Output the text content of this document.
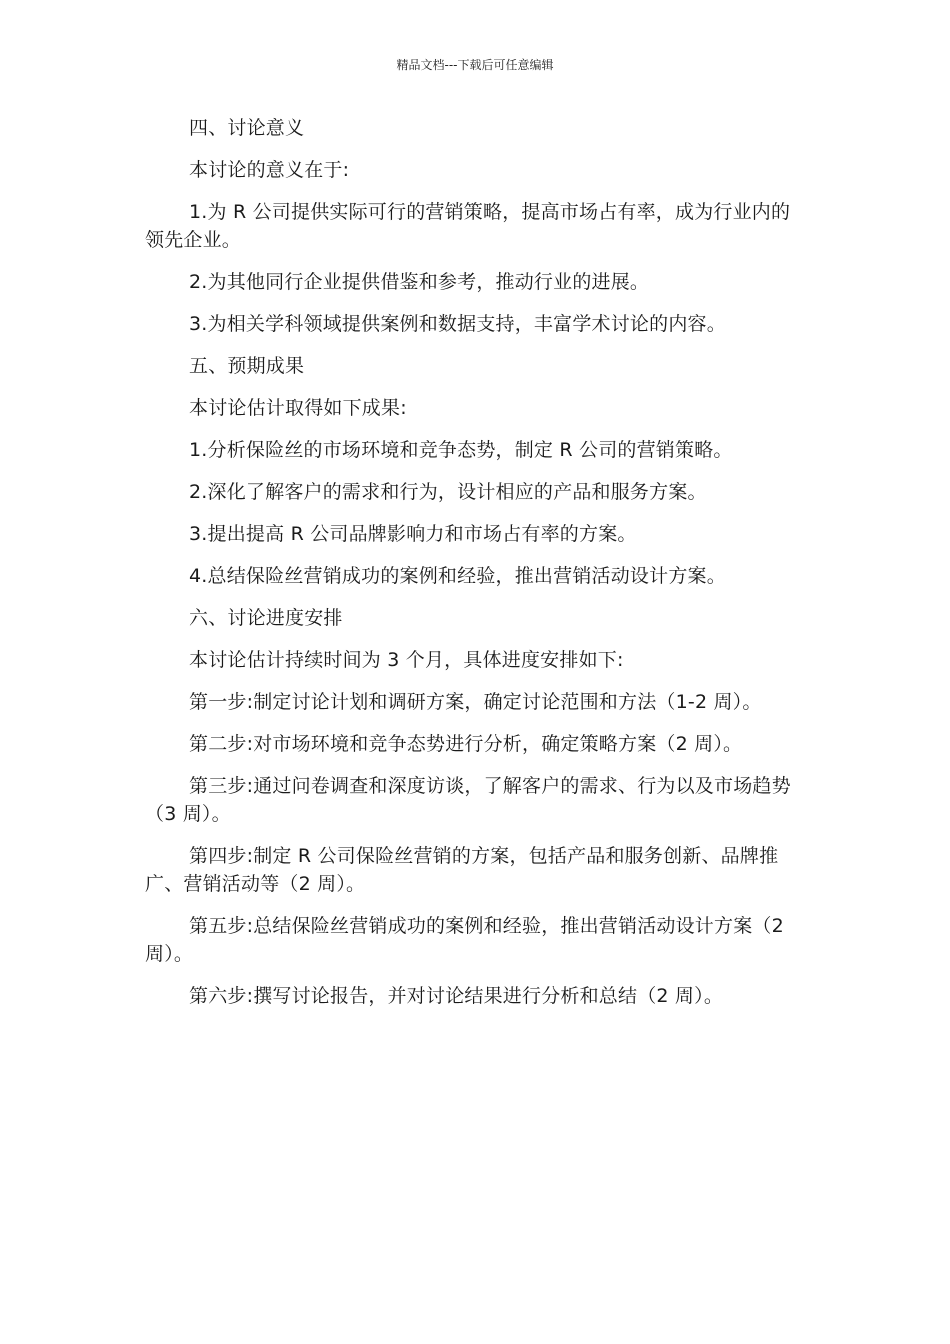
精品文档---下载后可任意编辑

四、讨论意义

本讨论的意义在于:

1.为 R 公司提供实际可行的营销策略，提高市场占有率，成为行业内的领先企业。

2.为其他同行企业提供借鉴和参考，推动行业的进展。

3.为相关学科领域提供案例和数据支持，丰富学术讨论的内容。

五、预期成果

本讨论估计取得如下成果:

1.分析保险丝的市场环境和竞争态势，制定 R 公司的营销策略。

2.深化了解客户的需求和行为，设计相应的产品和服务方案。

3.提出提高 R 公司品牌影响力和市场占有率的方案。

4.总结保险丝营销成功的案例和经验，推出营销活动设计方案。

六、讨论进度安排

本讨论估计持续时间为 3 个月，具体进度安排如下:

第一步:制定讨论计划和调研方案，确定讨论范围和方法（1-2 周）。

第二步:对市场环境和竞争态势进行分析，确定策略方案（2 周）。

第三步:通过问卷调查和深度访谈，了解客户的需求、行为以及市场趋势（3 周）。

第四步:制定 R 公司保险丝营销的方案，包括产品和服务创新、品牌推广、营销活动等（2 周）。

第五步:总结保险丝营销成功的案例和经验，推出营销活动设计方案（2 周）。

第六步:撰写讨论报告，并对讨论结果进行分析和总结（2 周）。
